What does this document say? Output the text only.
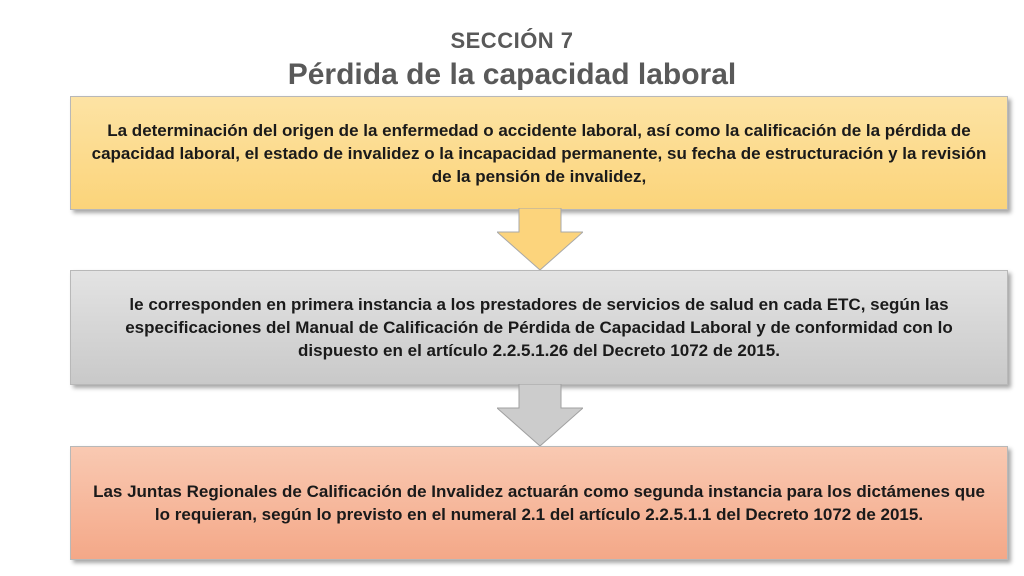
SECCIÓN 7
Pérdida de la capacidad laboral
La determinación del origen de la enfermedad o accidente laboral, así como la calificación de la pérdida de capacidad laboral, el estado de invalidez o la incapacidad permanente, su fecha de estructuración y la revisión de la pensión de invalidez,
le corresponden en primera instancia a los prestadores de servicios de salud en cada ETC, según las especificaciones del Manual de Calificación de Pérdida de Capacidad Laboral y de conformidad con lo dispuesto en el artículo 2.2.5.1.26 del Decreto 1072 de 2015.
Las Juntas Regionales de Calificación de Invalidez actuarán como segunda instancia para los dictámenes que lo requieran, según lo previsto en el numeral 2.1 del artículo 2.2.5.1.1 del Decreto 1072 de 2015.
